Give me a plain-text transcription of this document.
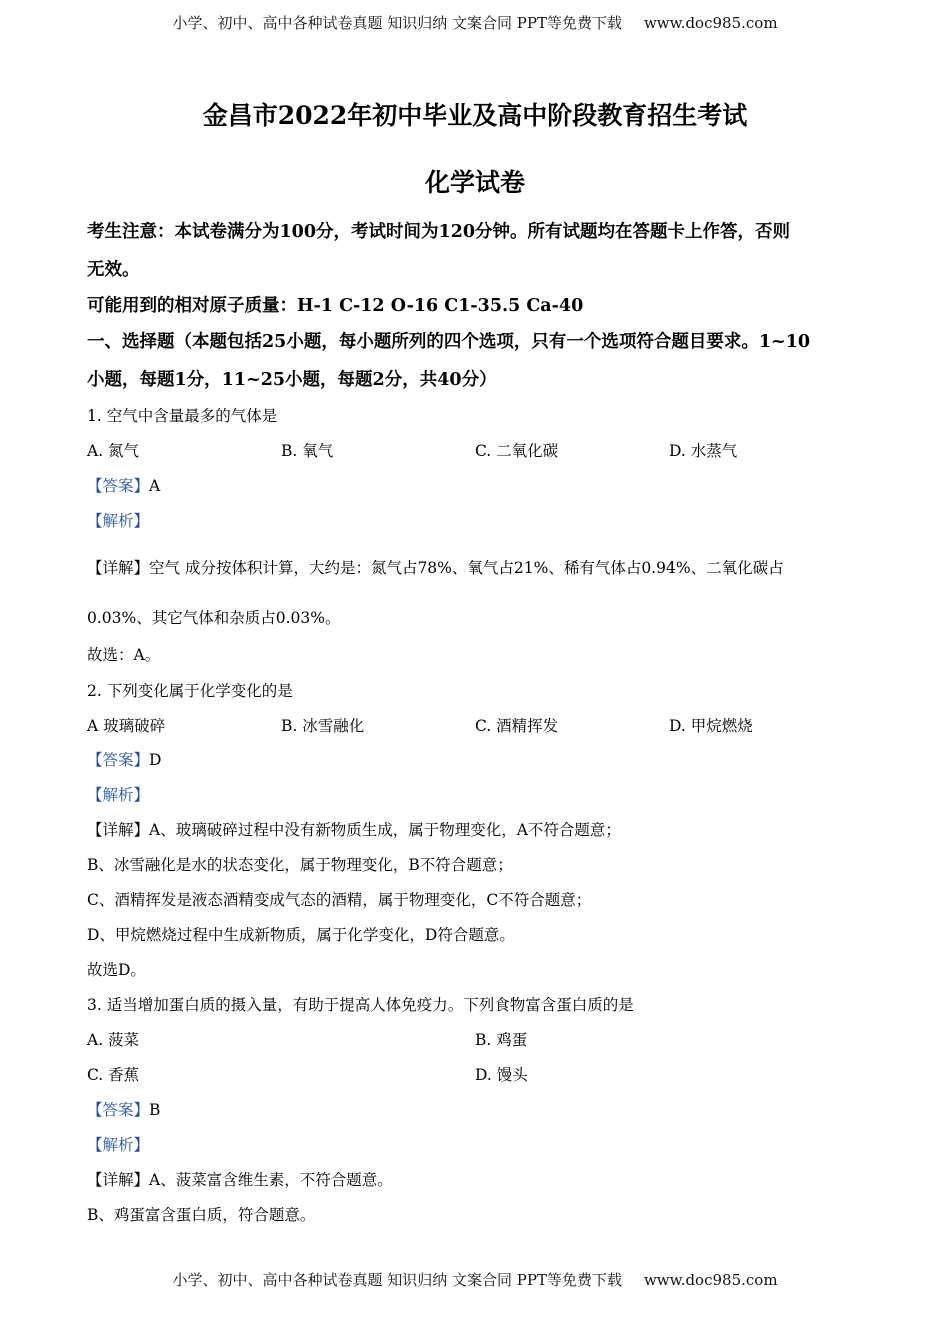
小学、初中、高中各种试卷真题 知识归纳 文案合同 PPT等免费下载 www.doc985.com
金昌市2022年初中毕业及高中阶段教育招生考试
化学试卷
考生注意：本试卷满分为100分，考试时间为120分钟。所有试题均在答题卡上作答，否则
无效。
可能用到的相对原子质量：H-1 C-12 O-16 C1-35.5 Ca-40
一、选择题（本题包括25小题，每小题所列的四个选项，只有一个选项符合题目要求。1~10
小题，每题1分，11~25小题，每题2分，共40分）
1. 空气中含量最多的气体是
A. 氮气	B. 氧气	C. 二氧化碳	D. 水蒸气
【答案】A
【解析】
【详解】空气 成分按体积计算，大约是：氮气占78%、氧气占21%、稀有气体占0.94%、二氧化碳占
0.03%、其它气体和杂质占0.03%。
故选：A。
2. 下列变化属于化学变化的是
A 玻璃破碎	B. 冰雪融化	C. 酒精挥发	D. 甲烷燃烧
【答案】D
【解析】
【详解】A、玻璃破碎过程中没有新物质生成，属于物理变化，A不符合题意；
B、冰雪融化是水的状态变化，属于物理变化，B不符合题意；
C、酒精挥发是液态酒精变成气态的酒精，属于物理变化，C不符合题意；
D、甲烷燃烧过程中生成新物质，属于化学变化，D符合题意。
故选D。
3. 适当增加蛋白质的摄入量，有助于提高人体免疫力。下列食物富含蛋白质的是
A. 菠菜	B. 鸡蛋
C. 香蕉	D. 馒头
【答案】B
【解析】
【详解】A、菠菜富含维生素，不符合题意。
B、鸡蛋富含蛋白质，符合题意。
小学、初中、高中各种试卷真题 知识归纳 文案合同 PPT等免费下载 www.doc985.com
